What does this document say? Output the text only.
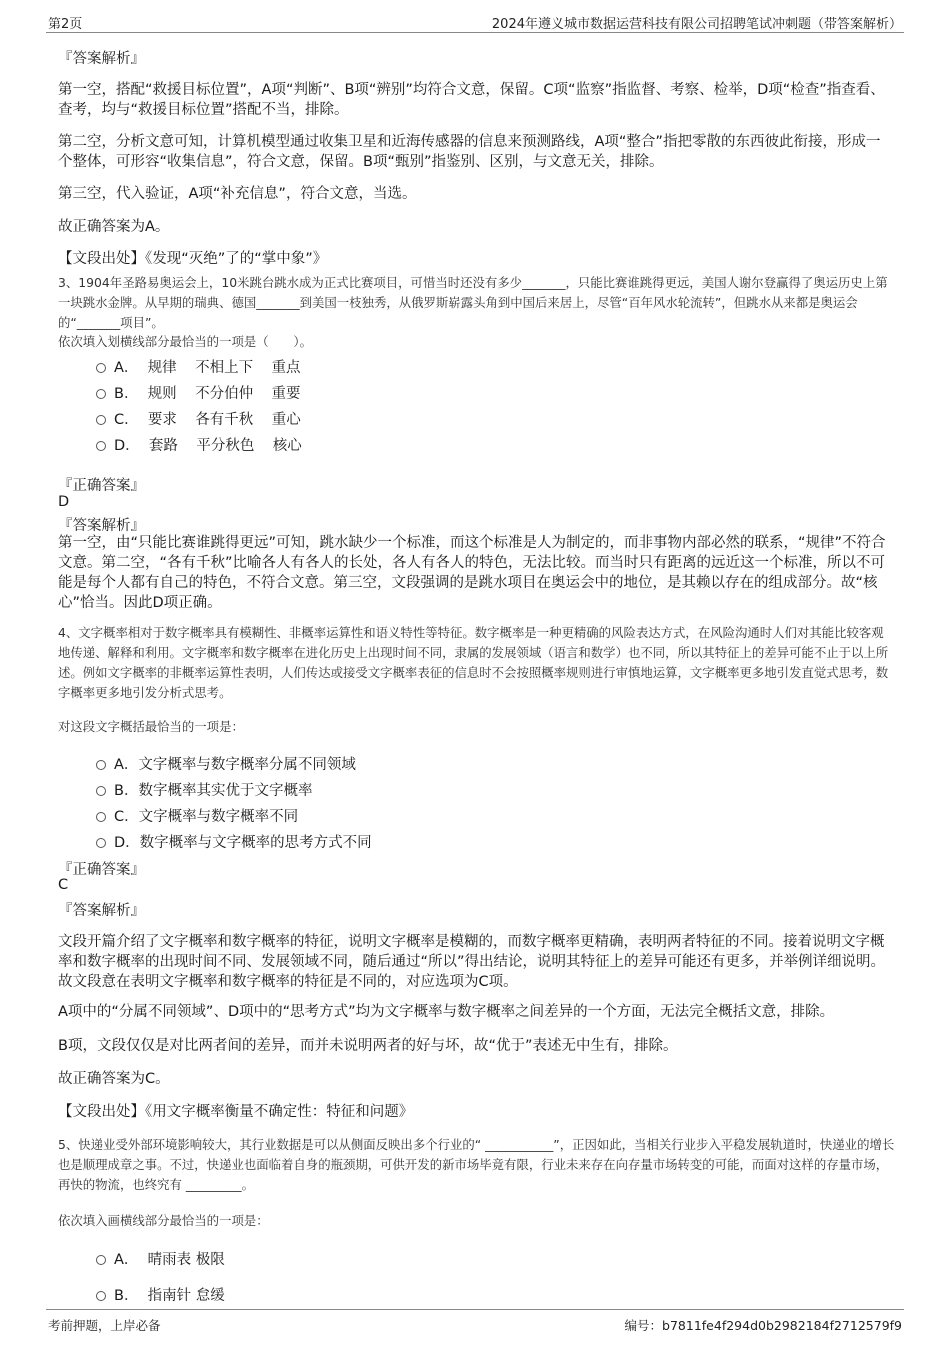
第2页	2024年遵义城市数据运营科技有限公司招聘笔试冲刺题（带答案解析）
『答案解析』
第一空，搭配“救援目标位置”，A项“判断”、B项“辨别”均符合文意，保留。C项“监察”指监督、考察、检举，D项“检查”指查看、查考，均与“救援目标位置”搭配不当，排除。
第二空，分析文意可知，计算机模型通过收集卫星和近海传感器的信息来预测路线，A项“整合”指把零散的东西彼此衔接，形成一个整体，可形容“收集信息”，符合文意，保留。B项“甄别”指鉴别、区别，与文意无关，排除。
第三空，代入验证，A项“补充信息”，符合文意，当选。
故正确答案为A。
【文段出处】《发现“灭绝”了的“掌中象”》
3、1904年圣路易奥运会上，10米跳台跳水成为正式比赛项目，可惜当时还没有多少_______，只能比赛谁跳得更远，美国人谢尔登赢得了奥运历史上第一块跳水金牌。从早期的瑞典、德国_______到美国一枝独秀，从俄罗斯崭露头角到中国后来居上，尽管“百年风水轮流转”，但跳水从来都是奥运会的“_______项目”。
依次填入划横线部分最恰当的一项是（　　）。
A．  规律    不相上下    重点
B．  规则    不分伯仲    重要
C．  要求    各有千秋    重心
D．  套路    平分秋色    核心
『正确答案』
D
『答案解析』
第一空，由“只能比赛谁跳得更远”可知，跳水缺少一个标准，而这个标准是人为制定的，而非事物内部必然的联系，“规律”不符合文意。第二空，“各有千秋”比喻各人有各人的长处，各人有各人的特色，无法比较。而当时只有距离的远近这一个标准，所以不可能是每个人都有自己的特色，不符合文意。第三空，文段强调的是跳水项目在奥运会中的地位，是其赖以存在的组成部分。故“核心”恰当。因此D项正确。
4、文字概率相对于数字概率具有模糊性、非概率运算性和语义特性等特征。数字概率是一种更精确的风险表达方式，在风险沟通时人们对其能比较客观地传递、解释和利用。文字概率和数字概率在进化历史上出现时间不同，隶属的发展领域（语言和数学）也不同，所以其特征上的差异可能不止于以上所述。例如文字概率的非概率运算性表明，人们传达或接受文字概率表征的信息时不会按照概率规则进行审慎地运算，文字概率更多地引发直觉式思考，数字概率更多地引发分析式思考。
对这段文字概括最恰当的一项是：
A．文字概率与数字概率分属不同领域
B．数字概率其实优于文字概率
C．文字概率与数字概率不同
D．数字概率与文字概率的思考方式不同
『正确答案』
C
『答案解析』
文段开篇介绍了文字概率和数字概率的特征，说明文字概率是模糊的，而数字概率更精确，表明两者特征的不同。接着说明文字概率和数字概率的出现时间不同、发展领域不同，随后通过“所以”得出结论，说明其特征上的差异可能还有更多，并举例详细说明。故文段意在表明文字概率和数字概率的特征是不同的，对应选项为C项。
A项中的“分属不同领域”、D项中的“思考方式”均为文字概率与数字概率之间差异的一个方面，无法完全概括文意，排除。
B项，文段仅仅是对比两者间的差异，而并未说明两者的好与坏，故“优于”表述无中生有，排除。
故正确答案为C。
【文段出处】《用文字概率衡量不确定性：特征和问题》
5、快递业受外部环境影响较大，其行业数据是可以从侧面反映出多个行业的“ ___________”，正因如此，当相关行业步入平稳发展轨道时，快递业的增长也是顺理成章之事。不过，快递业也面临着自身的瓶颈期，可供开发的新市场毕竟有限，行业未来存在向存量市场转变的可能，而面对这样的存量市场，再快的物流，也终究有 _________。
依次填入画横线部分最恰当的一项是：
A．  晴雨表 极限
B．  指南针 怠缓
考前押题，上岸必备	编号：b7811fe4f294d0b2982184f2712579f9
